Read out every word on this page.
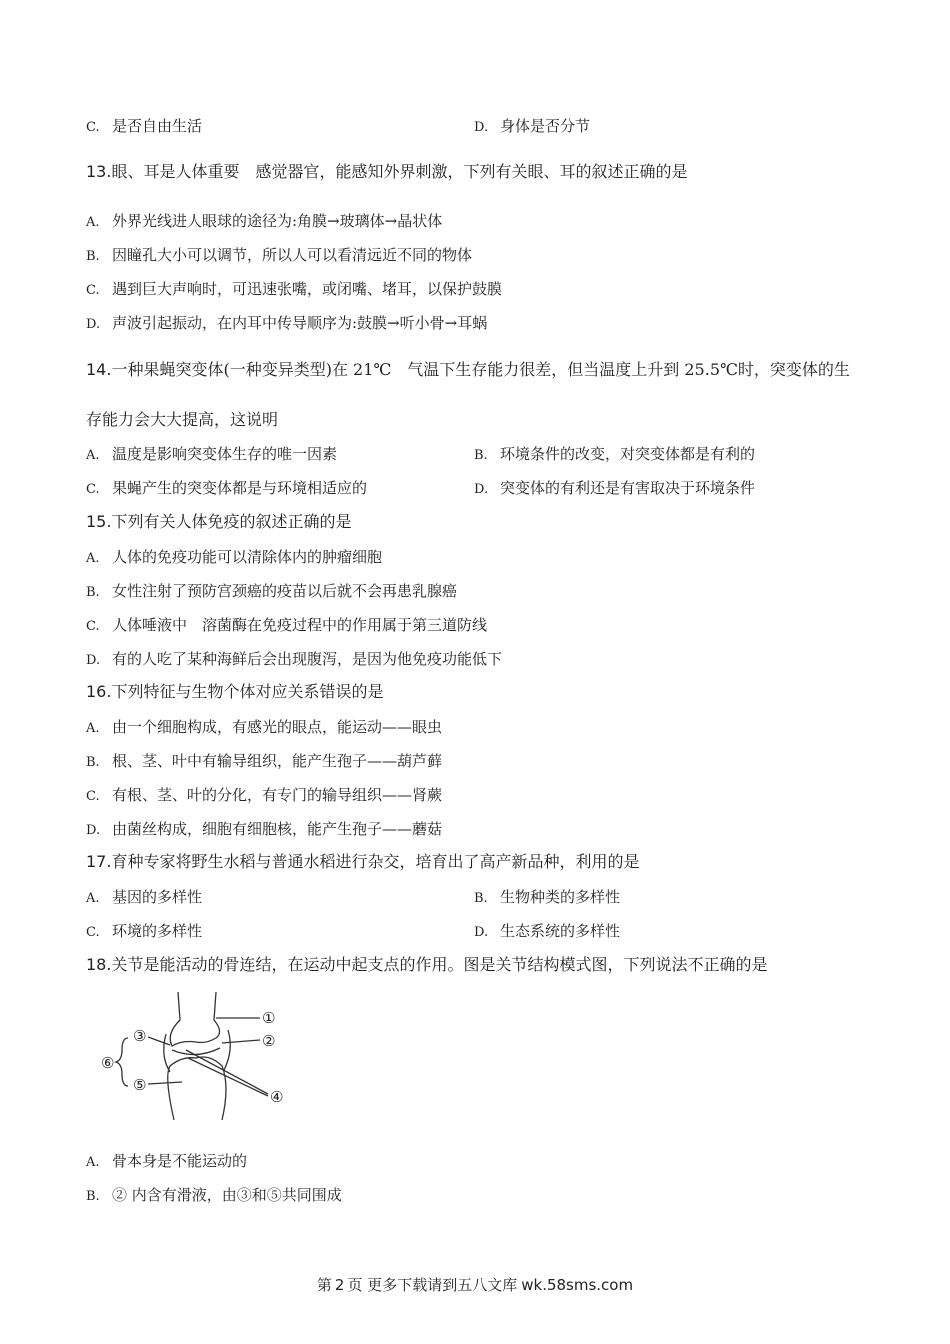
C. 是否自由生活	D. 身体是否分节
13.眼、耳是人体重要　感觉器官，能感知外界刺激，下列有关眼、耳的叙述正确的是
A. 外界光线进人眼球的途径为:角膜→玻璃体→晶状体
B. 因瞳孔大小可以调节，所以人可以看清远近不同的物体
C. 遇到巨大声响时，可迅速张嘴，或闭嘴、堵耳，以保护鼓膜
D. 声波引起振动，在内耳中传导顺序为:鼓膜→听小骨→耳蜗
14.一种果蝇突变体(一种变异类型)在 21℃　气温下生存能力很差，但当温度上升到 25.5℃时，突变体的生
存能力会大大提高，这说明
A. 温度是影响突变体生存的唯一因素	B. 环境条件的改变，对突变体都是有利的
C. 果蝇产生的突变体都是与环境相适应的	D. 突变体的有利还是有害取决于环境条件
15.下列有关人体免疫的叙述正确的是
A. 人体的免疫功能可以清除体内的肿瘤细胞
B. 女性注射了预防宫颈癌的疫苗以后就不会再患乳腺癌
C. 人体唾液中　溶菌酶在免疫过程中的作用属于第三道防线
D. 有的人吃了某种海鲜后会出现腹泻，是因为他免疫功能低下
16.下列特征与生物个体对应关系错误的是
A. 由一个细胞构成，有感光的眼点，能运动——眼虫
B. 根、茎、叶中有输导组织，能产生孢子——葫芦藓
C. 有根、茎、叶的分化，有专门的输导组织——肾蕨
D. 由菌丝构成，细胞有细胞核，能产生孢子——蘑菇
17.育种专家将野生水稻与普通水稻进行杂交，培育出了高产新品种，利用的是
A. 基因的多样性	B. 生物种类的多样性
C. 环境的多样性	D. 生态系统的多样性
18.关节是能活动的骨连结，在运动中起支点的作用。图是关节结构模式图，下列说法不正确的是
①
②
③
④
⑤
⑥
A. 骨本身是不能运动的
B. ② 内含有滑液，由③和⑤共同围成
第 2 页 更多下载请到五八文库 wk.58sms.com
